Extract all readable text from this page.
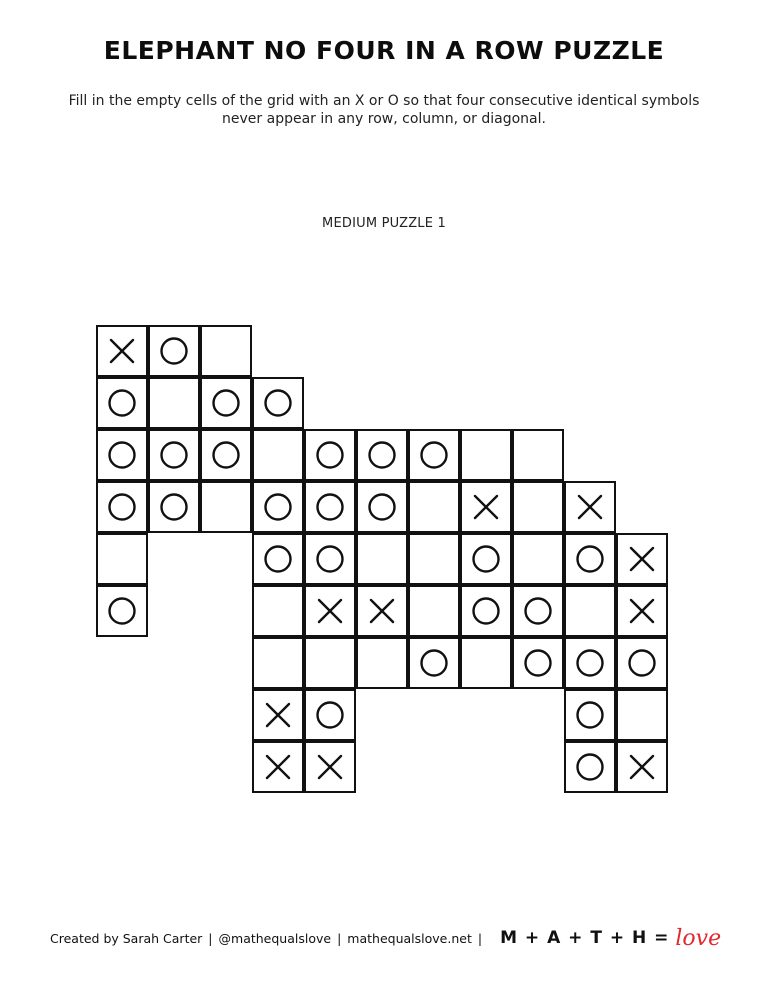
ELEPHANT NO FOUR IN A ROW PUZZLE
Fill in the empty cells of the grid with an X or O so that four consecutive identical symbols never appear in any row, column, or diagonal.
MEDIUM PUZZLE 1
Created by Sarah Carter | @mathequalslove | mathequalslove.net | M + A + T + H = love
